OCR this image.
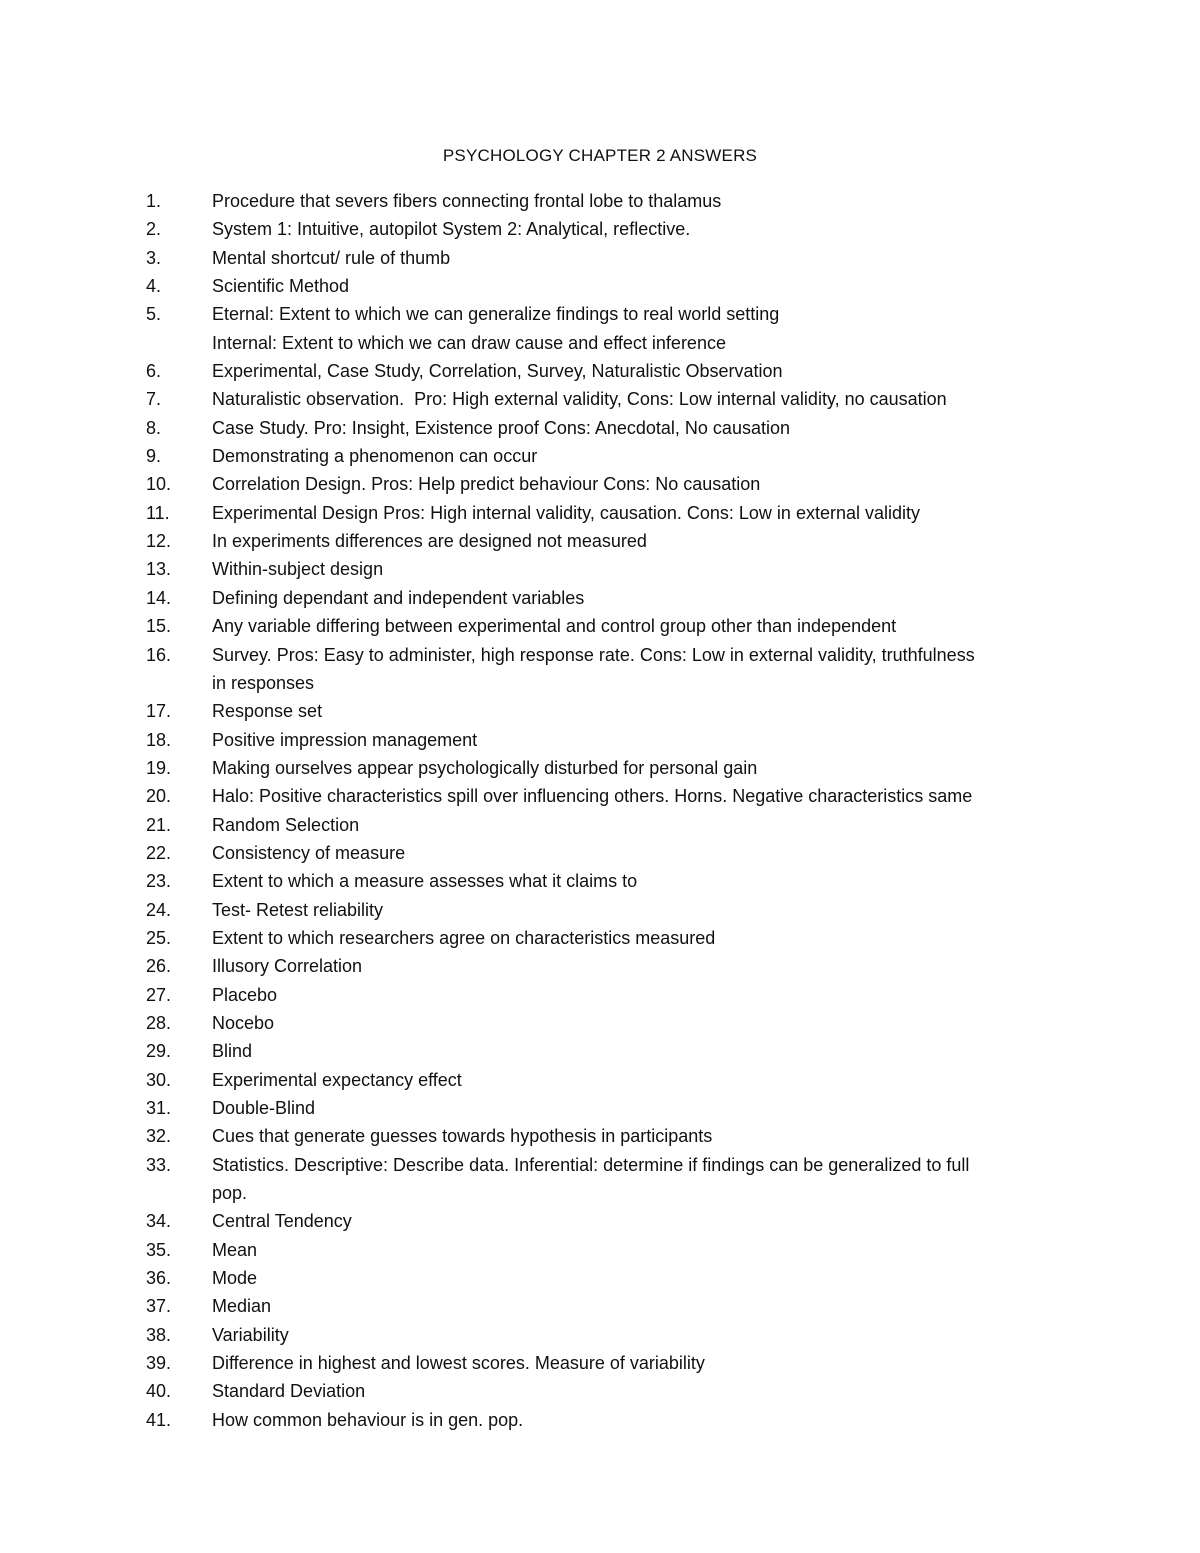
PSYCHOLOGY CHAPTER 2 ANSWERS
1.	Procedure that severs fibers connecting frontal lobe to thalamus
2.	System 1: Intuitive, autopilot System 2: Analytical, reflective.
3.	Mental shortcut/ rule of thumb
4.	Scientific Method
5.	Eternal: Extent to which we can generalize findings to real world setting
Internal: Extent to which we can draw cause and effect inference
6.	Experimental, Case Study, Correlation, Survey, Naturalistic Observation
7.	Naturalistic observation.  Pro: High external validity, Cons: Low internal validity, no causation
8.	Case Study. Pro: Insight, Existence proof Cons: Anecdotal, No causation
9.	Demonstrating a phenomenon can occur
10. Correlation Design. Pros: Help predict behaviour Cons: No causation
11. Experimental Design Pros: High internal validity, causation. Cons: Low in external validity
12. In experiments differences are designed not measured
13. Within-subject design
14. Defining dependant and independent variables
15. Any variable differing between experimental and control group other than independent
16. Survey. Pros: Easy to administer, high response rate. Cons: Low in external validity, truthfulness
in responses
17. Response set
18. Positive impression management
19. Making ourselves appear psychologically disturbed for personal gain
20. Halo: Positive characteristics spill over influencing others. Horns. Negative characteristics same
21. Random Selection
22. Consistency of measure
23. Extent to which a measure assesses what it claims to
24. Test- Retest reliability
25. Extent to which researchers agree on characteristics measured
26. Illusory Correlation
27. Placebo
28. Nocebo
29. Blind
30. Experimental expectancy effect
31. Double-Blind
32. Cues that generate guesses towards hypothesis in participants
33. Statistics. Descriptive: Describe data. Inferential: determine if findings can be generalized to full
pop.
34. Central Tendency
35. Mean
36. Mode
37. Median
38. Variability
39. Difference in highest and lowest scores. Measure of variability
40. Standard Deviation
41. How common behaviour is in gen. pop.
